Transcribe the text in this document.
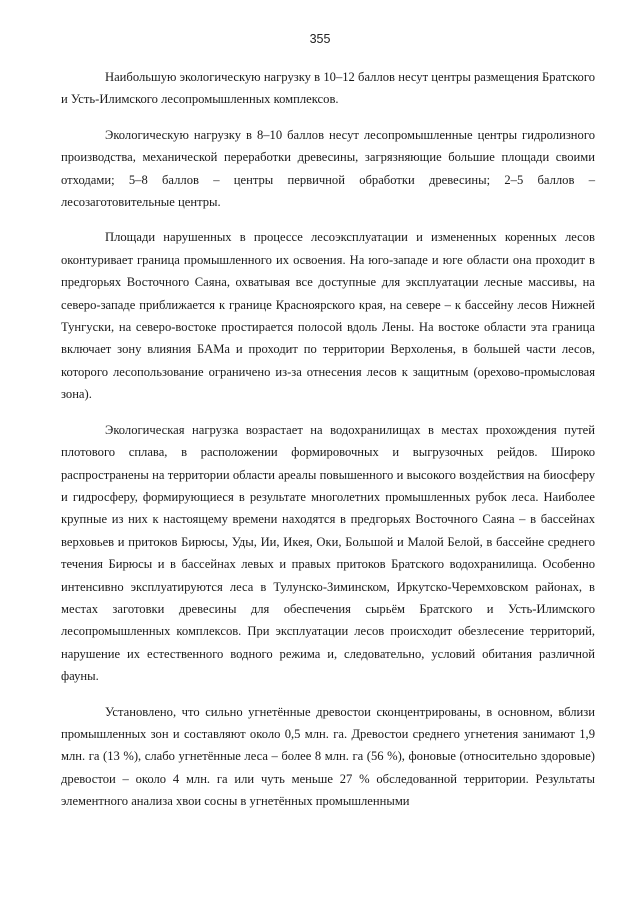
355

Наибольшую экологическую нагрузку в 10–12 баллов несут центры размещения Братского и Усть-Илимского лесопромышленных комплексов.

Экологическую нагрузку в 8–10 баллов несут лесопромышленные центры гидролизного производства, механической переработки древесины, загрязняющие большие площади своими отходами; 5–8 баллов – центры первичной обработки древесины; 2–5 баллов – лесозаготовительные центры.

Площади нарушенных в процессе лесоэксплуатации и измененных коренных лесов оконтуривает граница промышленного их освоения. На юго-западе и юге области она проходит в предгорьях Восточного Саяна, охватывая все доступные для эксплуатации лесные массивы, на северо-западе приближается к границе Красноярского края, на севере – к бассейну лесов Нижней Тунгуски, на северо-востоке простирается полосой вдоль Лены. На востоке области эта граница включает зону влияния БАМа и проходит по территории Верхоленья, в большей части лесов, которого лесопользование ограничено из-за отнесения лесов к защитным (орехово-промысловая зона).

Экологическая нагрузка возрастает на водохранилищах в местах прохождения путей плотового сплава, в расположении формировочных и выгрузочных рейдов. Широко распространены на территории области ареалы повышенного и высокого воздействия на биосферу и гидросферу, формирующиеся в результате многолетних промышленных рубок леса. Наиболее крупные из них к настоящему времени находятся в предгорьях Восточного Саяна – в бассейнах верховьев и притоков Бирюсы, Уды, Ии, Икея, Оки, Большой и Малой Белой, в бассейне среднего течения Бирюсы и в бассейнах левых и правых притоков Братского водохранилища. Особенно интенсивно эксплуатируются леса в Тулунско-Зиминском, Иркутско-Черемховском районах, в местах заготовки древесины для обеспечения сырьём Братского и Усть-Илимского лесопромышленных комплексов. При эксплуатации лесов происходит обезлесение территорий, нарушение их естественного водного режима и, следовательно, условий обитания различной фауны.

Установлено, что сильно угнетённые древостои сконцентрированы, в основном, вблизи промышленных зон и составляют около 0,5 млн. га. Древостои среднего угнетения занимают 1,9 млн. га (13 %), слабо угнетённые леса – более 8 млн. га (56 %), фоновые (относительно здоровые) древостои – около 4 млн. га или чуть меньше 27 % обследованной территории. Результаты элементного анализа хвои сосны в угнетённых промышленными
